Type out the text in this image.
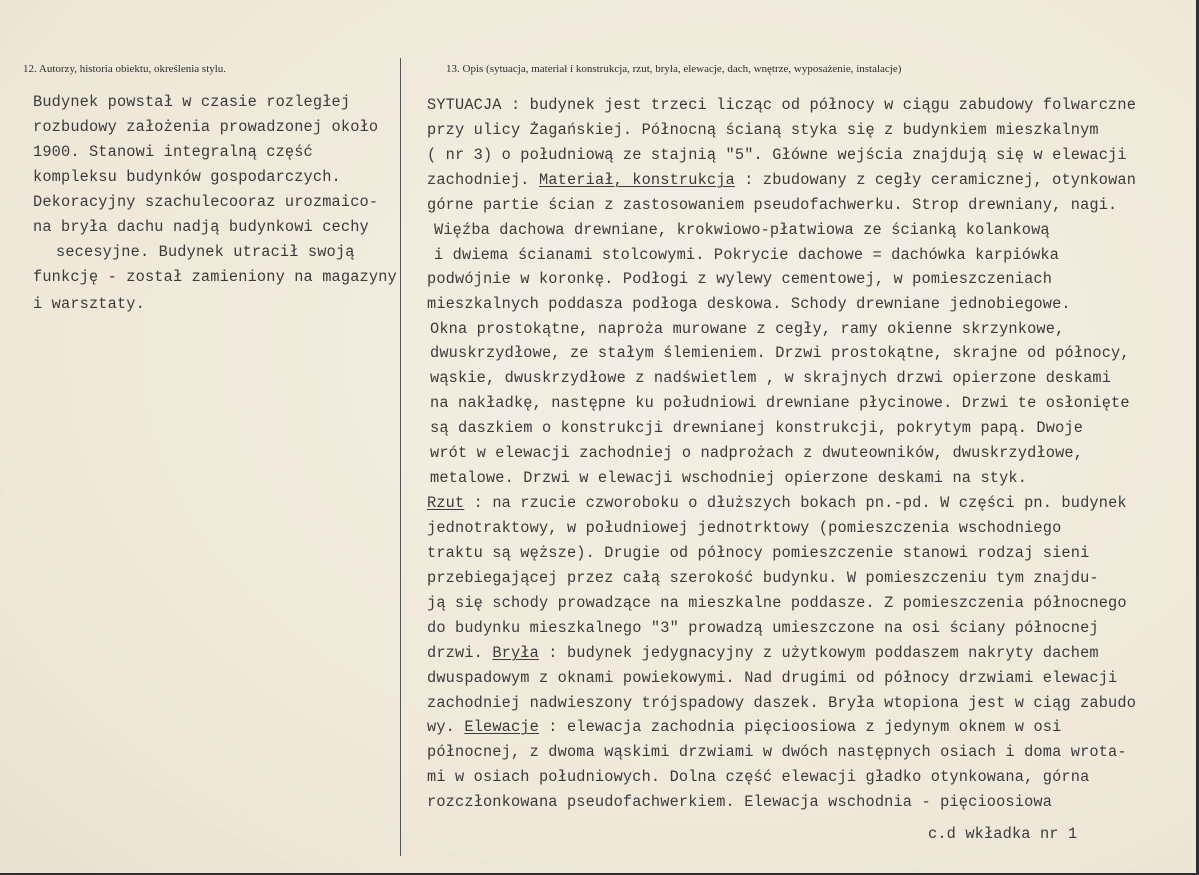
12. Autorzy, historia obiektu, określenia stylu.	13. Opis (sytuacja, materiał i konstrukcja, rzut, bryła, elewacje, dach, wnętrze, wyposażenie, instalacje)
Budynek powstał w czasie rozległej
rozbudowy założenia prowadzonej około
1900. Stanowi integralną część
kompleksu budynków gospodarczych.
Dekoracyjny szachulecooraz urozmaico-
na bryła dachu nadją budynkowi cechy
secesyjne. Budynek utracił swoją
funkcję - został zamieniony na magazyny
i warsztaty.
SYTUACJA : budynek jest trzeci licząc od północy w ciągu zabudowy folwarczne
przy ulicy Żagańskiej. Północną ścianą styka się z budynkiem mieszkalnym
( nr 3) o południową ze stajnią "5". Główne wejścia znajdują się w elewacji
zachodniej. Materiał, konstrukcja : zbudowany z cegły ceramicznej, otynkowan
górne partie ścian z zastosowaniem pseudofachwerku. Strop drewniany, nagi.
Więźba dachowa drewniane, krokwiowo-płatwiowa ze ścianką kolankową
i dwiema ścianami stolcowymi. Pokrycie dachowe = dachówka karpiówka
podwójnie w koronkę. Podłogi z wylewy cementowej, w pomieszczeniach
mieszkalnych poddasza podłoga deskowa. Schody drewniane jednobiegowe.
Okna prostokątne, naproża murowane z cegły, ramy okienne skrzynkowe,
dwuskrzydłowe, ze stałym ślemieniem. Drzwi prostokątne, skrajne od północy,
wąskie, dwuskrzydłowe z nadświetlem , w skrajnych drzwi opierzone deskami
na nakładkę, następne ku południowi drewniane płycinowe. Drzwi te osłonięte
są daszkiem o konstrukcji drewnianej konstrukcji, pokrytym papą. Dwoje
wrót w elewacji zachodniej o nadprożach z dwuteowników, dwuskrzydłowe,
metalowe. Drzwi w elewacji wschodniej opierzone deskami na styk.
Rzut : na rzucie czworoboku o dłuższych bokach pn.-pd. W części pn. budynek
jednotraktowy, w południowej jednotrktowy (pomieszczenia wschodniego
traktu są węższe). Drugie od północy pomieszczenie stanowi rodzaj sieni
przebiegającej przez całą szerokość budynku. W pomieszczeniu tym znajdu-
ją się schody prowadzące na mieszkalne poddasze. Z pomieszczenia północnego
do budynku mieszkalnego "3" prowadzą umieszczone na osi ściany północnej
drzwi. Bryła : budynek jedygnacyjny z użytkowym poddaszem nakryty dachem
dwuspadowym z oknami powiekowymi. Nad drugimi od północy drzwiami elewacji
zachodniej nadwieszony trójspadowy daszek. Bryła wtopiona jest w ciąg zabudo
wy. Elewacje : elewacja zachodnia pięcioosiowa z jedynym oknem w osi
północnej, z dwoma wąskimi drzwiami w dwóch następnych osiach i doma wrota-
mi w osiach południowych. Dolna część elewacji gładko otynkowana, górna
rozczłonkowana pseudofachwerkiem. Elewacja wschodnia - pięcioosiowa
c.d wkładka nr 1
